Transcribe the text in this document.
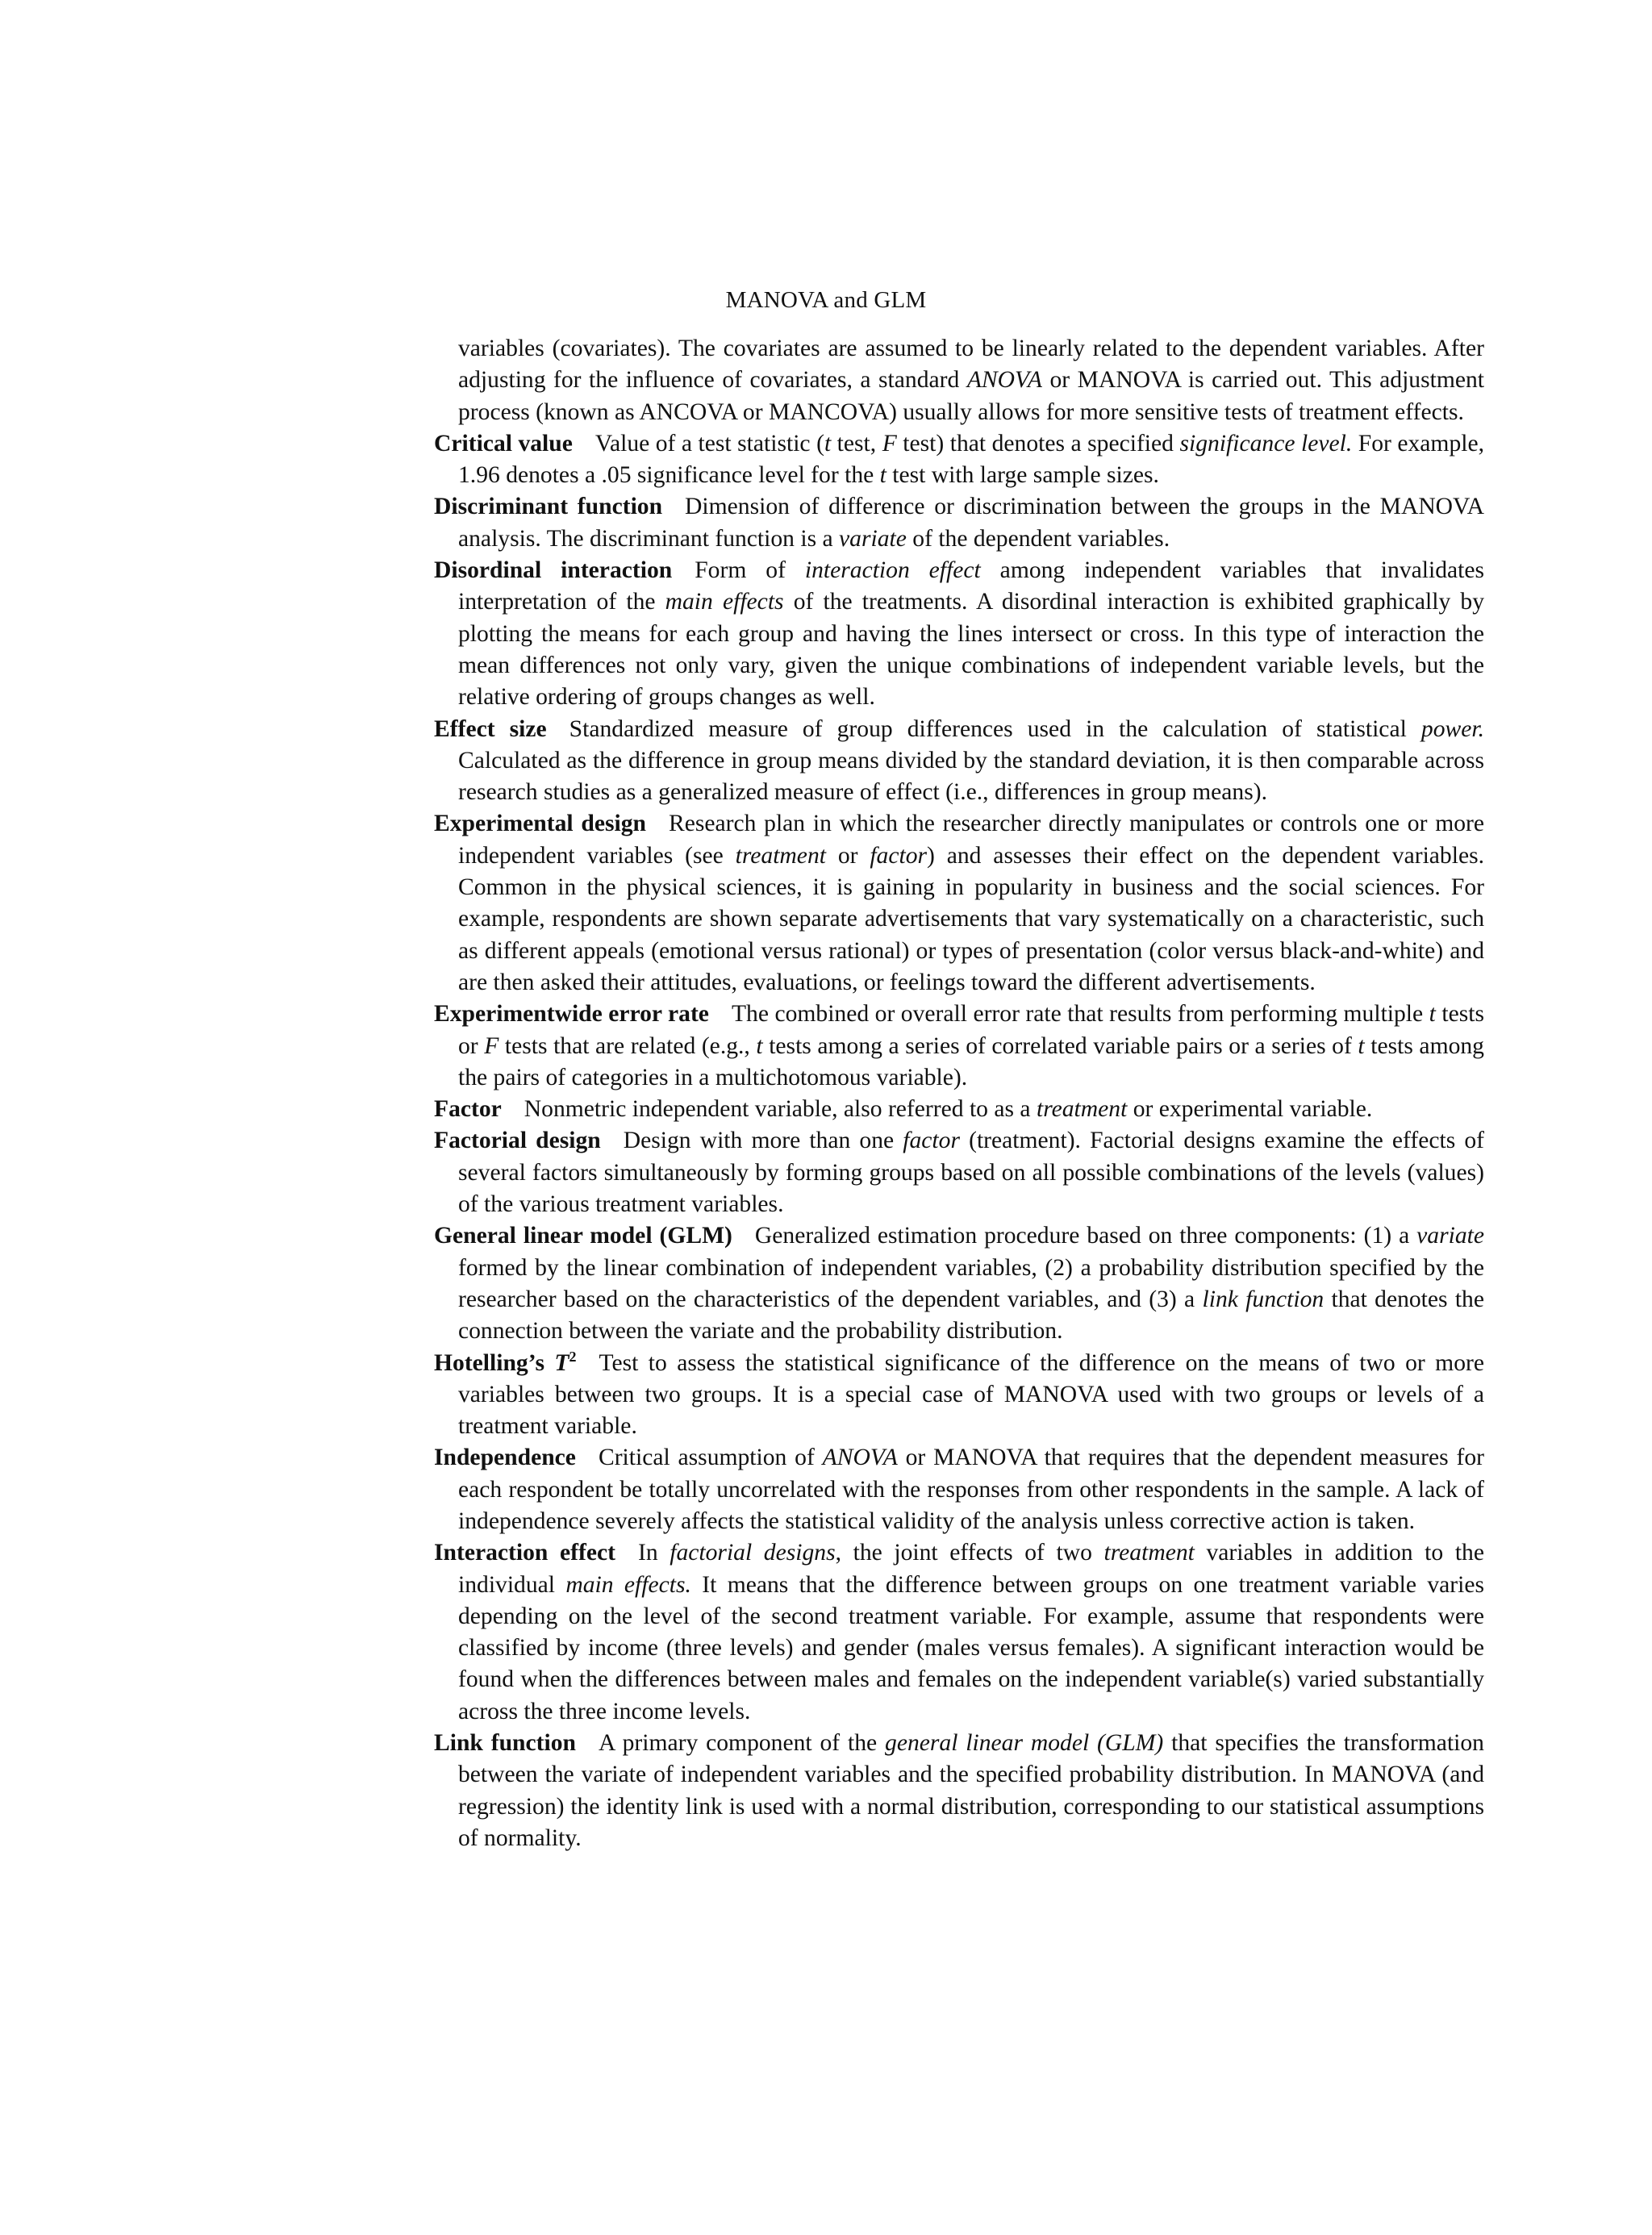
MANOVA and GLM

variables (covariates). The covariates are assumed to be linearly related to the dependent variables. After adjusting for the influence of covariates, a standard ANOVA or MANOVA is carried out. This adjustment process (known as ANCOVA or MANCOVA) usually allows for more sensitive tests of treatment effects.

Critical value Value of a test statistic (t test, F test) that denotes a specified significance level. For example, 1.96 denotes a .05 significance level for the t test with large sample sizes.

Discriminant function Dimension of difference or discrimination between the groups in the MANOVA analysis. The discriminant function is a variate of the dependent variables.

Disordinal interaction Form of interaction effect among independent variables that invalidates interpretation of the main effects of the treatments. A disordinal interaction is exhibited graphically by plotting the means for each group and having the lines intersect or cross. In this type of interaction the mean differences not only vary, given the unique combinations of independent variable levels, but the relative ordering of groups changes as well.

Effect size Standardized measure of group differences used in the calculation of statistical power. Calculated as the difference in group means divided by the standard deviation, it is then comparable across research studies as a generalized measure of effect (i.e., differences in group means).

Experimental design Research plan in which the researcher directly manipulates or controls one or more independent variables (see treatment or factor) and assesses their effect on the dependent variables. Common in the physical sciences, it is gaining in popularity in business and the social sciences. For example, respondents are shown separate advertisements that vary systematically on a characteristic, such as different appeals (emotional versus rational) or types of presentation (color versus black-and-white) and are then asked their attitudes, evaluations, or feelings toward the different advertisements.

Experimentwide error rate The combined or overall error rate that results from performing multiple t tests or F tests that are related (e.g., t tests among a series of correlated variable pairs or a series of t tests among the pairs of categories in a multichotomous variable).

Factor Nonmetric independent variable, also referred to as a treatment or experimental variable.

Factorial design Design with more than one factor (treatment). Factorial designs examine the effects of several factors simultaneously by forming groups based on all possible combinations of the levels (values) of the various treatment variables.

General linear model (GLM) Generalized estimation procedure based on three components: (1) a variate formed by the linear combination of independent variables, (2) a probability distribution specified by the researcher based on the characteristics of the dependent variables, and (3) a link function that denotes the connection between the variate and the probability distribution.

Hotelling’s $T^2$ Test to assess the statistical significance of the difference on the means of two or more variables between two groups. It is a special case of MANOVA used with two groups or levels of a treatment variable.

Independence Critical assumption of ANOVA or MANOVA that requires that the dependent measures for each respondent be totally uncorrelated with the responses from other respondents in the sample. A lack of independence severely affects the statistical validity of the analysis unless corrective action is taken.

Interaction effect In factorial designs, the joint effects of two treatment variables in addition to the individual main effects. It means that the difference between groups on one treatment variable varies depending on the level of the second treatment variable. For example, assume that respondents were classified by income (three levels) and gender (males versus females). A significant interaction would be found when the differences between males and females on the independent variable(s) varied substantially across the three income levels.

Link function A primary component of the general linear model (GLM) that specifies the transformation between the variate of independent variables and the specified probability distribution. In MANOVA (and regression) the identity link is used with a normal distribution, corresponding to our statistical assumptions of normality.
